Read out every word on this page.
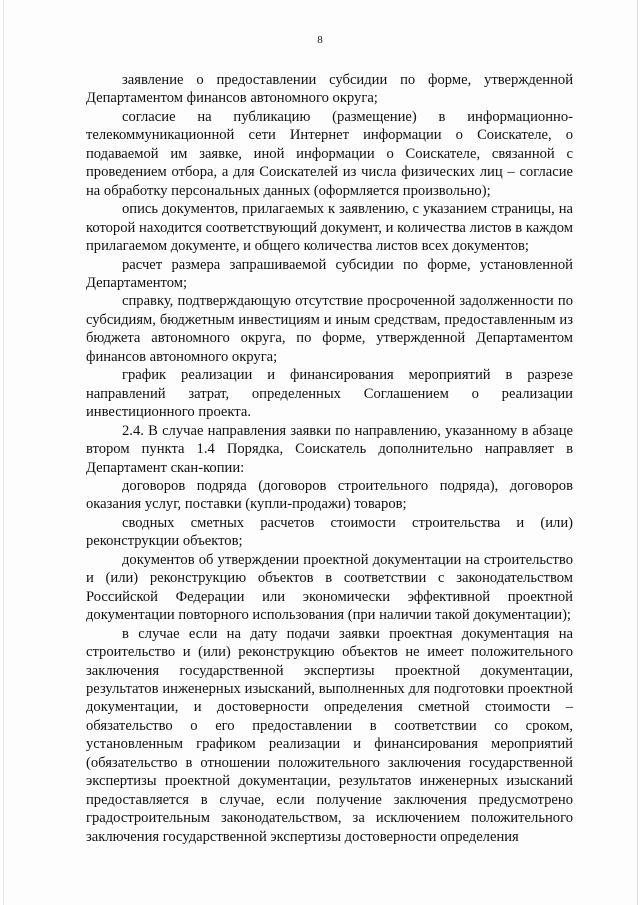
8

заявление о предоставлении субсидии по форме, утвержденной Департаментом финансов автономного округа;

согласие на публикацию (размещение) в информационно-телекоммуникационной сети Интернет информации о Соискателе, о подаваемой им заявке, иной информации о Соискателе, связанной с проведением отбора, а для Соискателей из числа физических лиц – согласие на обработку персональных данных (оформляется произвольно);

опись документов, прилагаемых к заявлению, с указанием страницы, на которой находится соответствующий документ, и количества листов в каждом прилагаемом документе, и общего количества листов всех документов;

расчет размера запрашиваемой субсидии по форме, установленной Департаментом;

справку, подтверждающую отсутствие просроченной задолженности по субсидиям, бюджетным инвестициям и иным средствам, предоставленным из бюджета автономного округа, по форме, утвержденной Департаментом финансов автономного округа;

график реализации и финансирования мероприятий в разрезе направлений затрат, определенных Соглашением о реализации инвестиционного проекта.

2.4. В случае направления заявки по направлению, указанному в абзаце втором пункта 1.4 Порядка, Соискатель дополнительно направляет в Департамент скан-копии:

договоров подряда (договоров строительного подряда), договоров оказания услуг, поставки (купли-продажи) товаров;

сводных сметных расчетов стоимости строительства и (или) реконструкции объектов;

документов об утверждении проектной документации на строительство и (или) реконструкцию объектов в соответствии с законодательством Российской Федерации или экономически эффективной проектной документации повторного использования (при наличии такой документации);

в случае если на дату подачи заявки проектная документация на строительство и (или) реконструкцию объектов не имеет положительного заключения государственной экспертизы проектной документации, результатов инженерных изысканий, выполненных для подготовки проектной документации, и достоверности определения сметной стоимости – обязательство о его предоставлении в соответствии со сроком, установленным графиком реализации и финансирования мероприятий (обязательство в отношении положительного заключения государственной экспертизы проектной документации, результатов инженерных изысканий предоставляется в случае, если получение заключения предусмотрено градостроительным законодательством, за исключением положительного заключения государственной экспертизы достоверности определения
